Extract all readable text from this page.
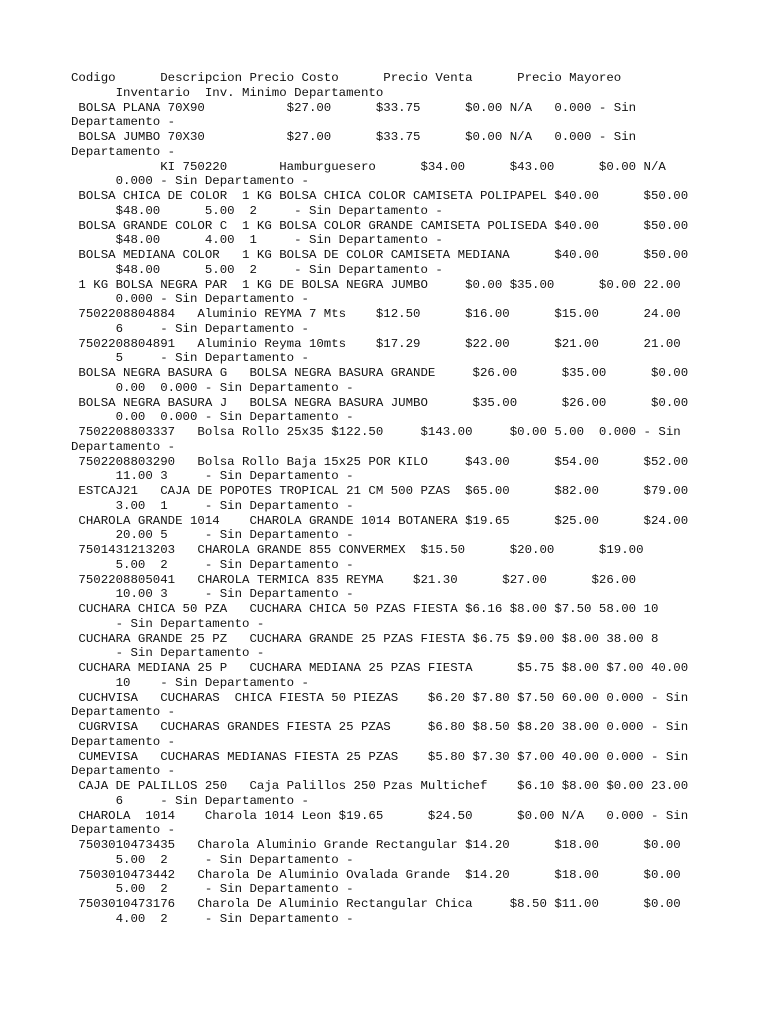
Codigo      Descripcion Precio Costo      Precio Venta      Precio Mayoreo
Inventario  Inv. Minimo Departamento
BOLSA PLANA 70X90           $27.00      $33.75      $0.00 N/A   0.000 - Sin
Departamento -
BOLSA JUMBO 70X30           $27.00      $33.75      $0.00 N/A   0.000 - Sin
Departamento -
KI 750220       Hamburguesero      $34.00      $43.00      $0.00 N/A
0.000 - Sin Departamento -
BOLSA CHICA DE COLOR  1 KG BOLSA CHICA COLOR CAMISETA POLIPAPEL $40.00      $50.00
$48.00      5.00  2     - Sin Departamento -
BOLSA GRANDE COLOR C  1 KG BOLSA COLOR GRANDE CAMISETA POLISEDA $40.00      $50.00
$48.00      4.00  1     - Sin Departamento -
BOLSA MEDIANA COLOR   1 KG BOLSA DE COLOR CAMISETA MEDIANA      $40.00      $50.00
$48.00      5.00  2     - Sin Departamento -
1 KG BOLSA NEGRA PAR  1 KG DE BOLSA NEGRA JUMBO     $0.00 $35.00      $0.00 22.00
0.000 - Sin Departamento -
7502208804884   Aluminio REYMA 7 Mts    $12.50      $16.00      $15.00      24.00
6     - Sin Departamento -
7502208804891   Aluminio Reyma 10mts    $17.29      $22.00      $21.00      21.00
5     - Sin Departamento -
BOLSA NEGRA BASURA G   BOLSA NEGRA BASURA GRANDE     $26.00      $35.00      $0.00
0.00  0.000 - Sin Departamento -
BOLSA NEGRA BASURA J   BOLSA NEGRA BASURA JUMBO      $35.00      $26.00      $0.00
0.00  0.000 - Sin Departamento -
7502208803337   Bolsa Rollo 25x35 $122.50     $143.00     $0.00 5.00  0.000 - Sin
Departamento -
7502208803290   Bolsa Rollo Baja 15x25 POR KILO     $43.00      $54.00      $52.00
11.00 3     - Sin Departamento -
ESTCAJ21   CAJA DE POPOTES TROPICAL 21 CM 500 PZAS  $65.00      $82.00      $79.00
3.00  1     - Sin Departamento -
CHAROLA GRANDE 1014    CHAROLA GRANDE 1014 BOTANERA $19.65      $25.00      $24.00
20.00 5     - Sin Departamento -
7501431213203   CHAROLA GRANDE 855 CONVERMEX  $15.50      $20.00      $19.00
5.00  2     - Sin Departamento -
7502208805041   CHAROLA TERMICA 835 REYMA    $21.30      $27.00      $26.00
10.00 3     - Sin Departamento -
CUCHARA CHICA 50 PZA   CUCHARA CHICA 50 PZAS FIESTA $6.16 $8.00 $7.50 58.00 10
- Sin Departamento -
CUCHARA GRANDE 25 PZ   CUCHARA GRANDE 25 PZAS FIESTA $6.75 $9.00 $8.00 38.00 8
- Sin Departamento -
CUCHARA MEDIANA 25 P   CUCHARA MEDIANA 25 PZAS FIESTA      $5.75 $8.00 $7.00 40.00
10    - Sin Departamento -
CUCHVISA   CUCHARAS  CHICA FIESTA 50 PIEZAS    $6.20 $7.80 $7.50 60.00 0.000 - Sin
Departamento -
CUGRVISA   CUCHARAS GRANDES FIESTA 25 PZAS     $6.80 $8.50 $8.20 38.00 0.000 - Sin
Departamento -
CUMEVISA   CUCHARAS MEDIANAS FIESTA 25 PZAS    $5.80 $7.30 $7.00 40.00 0.000 - Sin
Departamento -
CAJA DE PALILLOS 250   Caja Palillos 250 Pzas Multichef    $6.10 $8.00 $0.00 23.00
6     - Sin Departamento -
CHAROLA  1014    Charola 1014 Leon $19.65      $24.50      $0.00 N/A   0.000 - Sin
Departamento -
7503010473435   Charola Aluminio Grande Rectangular $14.20      $18.00      $0.00
5.00  2     - Sin Departamento -
7503010473442   Charola De Aluminio Ovalada Grande  $14.20      $18.00      $0.00
5.00  2     - Sin Departamento -
7503010473176   Charola De Aluminio Rectangular Chica     $8.50 $11.00      $0.00
4.00  2     - Sin Departamento -
